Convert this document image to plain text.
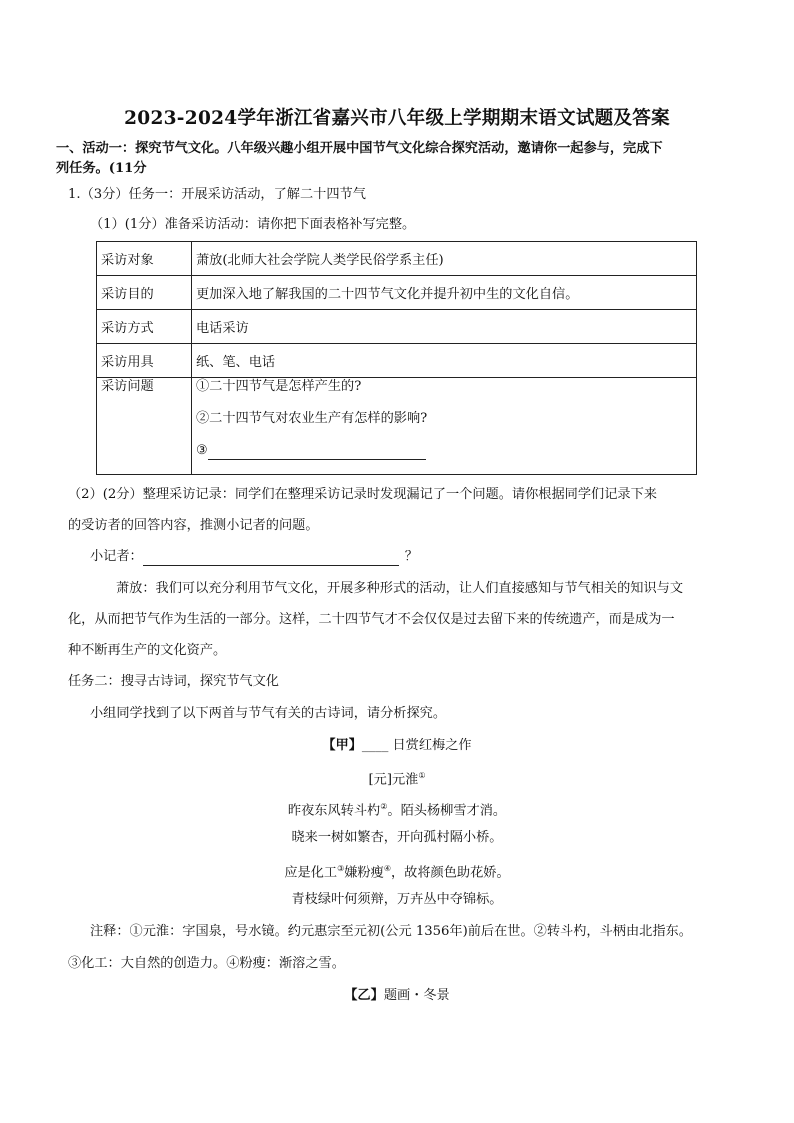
2023-2024学年浙江省嘉兴市八年级上学期期末语文试题及答案
一、活动一：探究节气文化。八年级兴趣小组开展中国节气文化综合探究活动，邀请你一起参与，完成下
列任务。(11分
1.（3分）任务一：开展采访活动，了解二十四节气
（1）(1分）准备采访活动：请你把下面表格补写完整。
采访对象	萧放(北师大社会学院人类学民俗学系主任)
采访目的	更加深入地了解我国的二十四节气文化并提升初中生的文化自信。
采访方式	电话采访
采访用具	纸、笔、电话

采访问题	①二十四节气是怎样产生的?
②二十四节气对农业生产有怎样的影响?
③
（2）(2分）整理采访记录：同学们在整理采访记录时发现漏记了一个问题。请你根据同学们记录下来
的受访者的回答内容，推测小记者的问题。
小记者：	？
萧放：我们可以充分利用节气文化，开展多种形式的活动，让人们直接感知与节气相关的知识与文
化，从而把节气作为生活的一部分。这样，二十四节气才不会仅仅是过去留下来的传统遗产，而是成为一
种不断再生产的文化资产。
任务二：搜寻古诗词，探究节气文化
小组同学找到了以下两首与节气有关的古诗词，请分析探究。
【甲】____ 日赏红梅之作
[元]元淮①
昨夜东风转斗杓②。陌头杨柳雪才消。
晓来一树如繁杏，开向孤村隔小桥。
应是化工③嫌粉瘦④，故将颜色助花娇。
青枝绿叶何须辩，万卉丛中夺锦标。
注释：①元淮：字国泉，号水镜。约元惠宗至元初(公元 1356年)前后在世。②转斗杓，斗柄由北指东。
③化工：大自然的创造力。④粉瘦：渐溶之雪。
【乙】题画・冬景
